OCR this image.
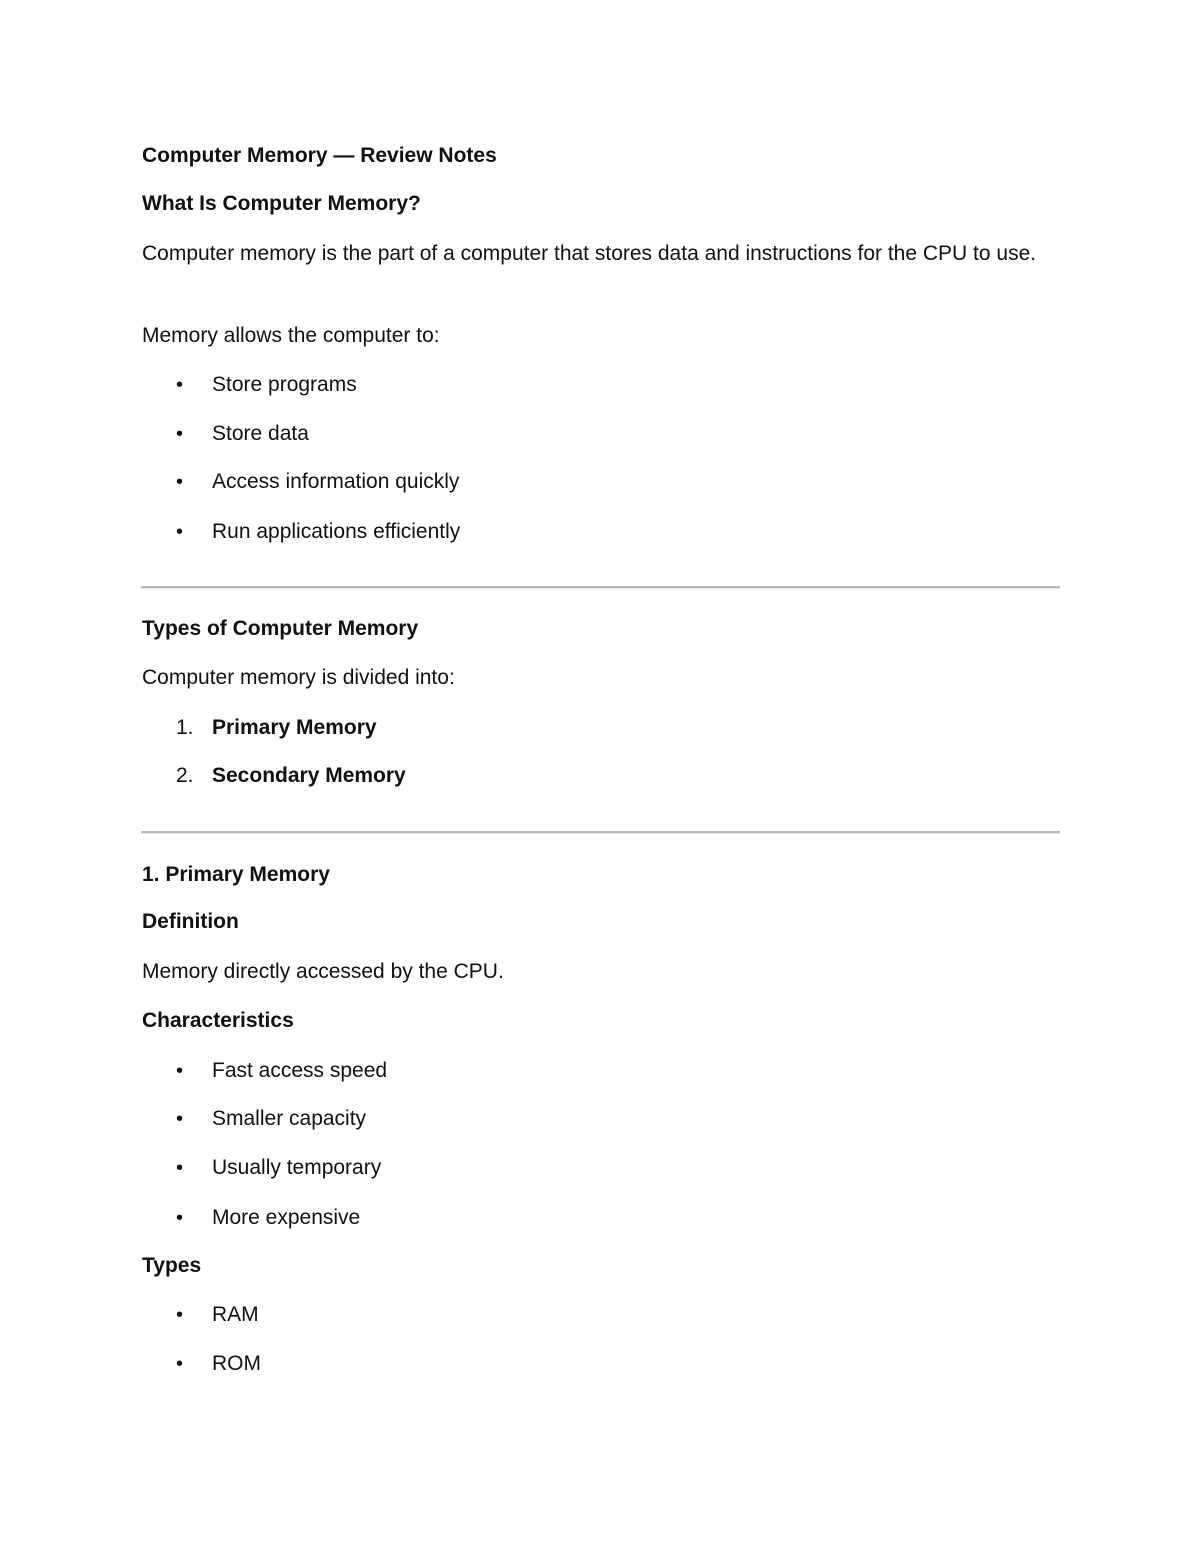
Computer Memory — Review Notes
What Is Computer Memory?
Computer memory is the part of a computer that stores data and instructions for the CPU to use.
Memory allows the computer to:
• Store programs
• Store data
• Access information quickly
• Run applications efficiently
Types of Computer Memory
Computer memory is divided into:
1. Primary Memory
2. Secondary Memory
1. Primary Memory
Definition
Memory directly accessed by the CPU.
Characteristics
• Fast access speed
• Smaller capacity
• Usually temporary
• More expensive
Types
• RAM
• ROM
